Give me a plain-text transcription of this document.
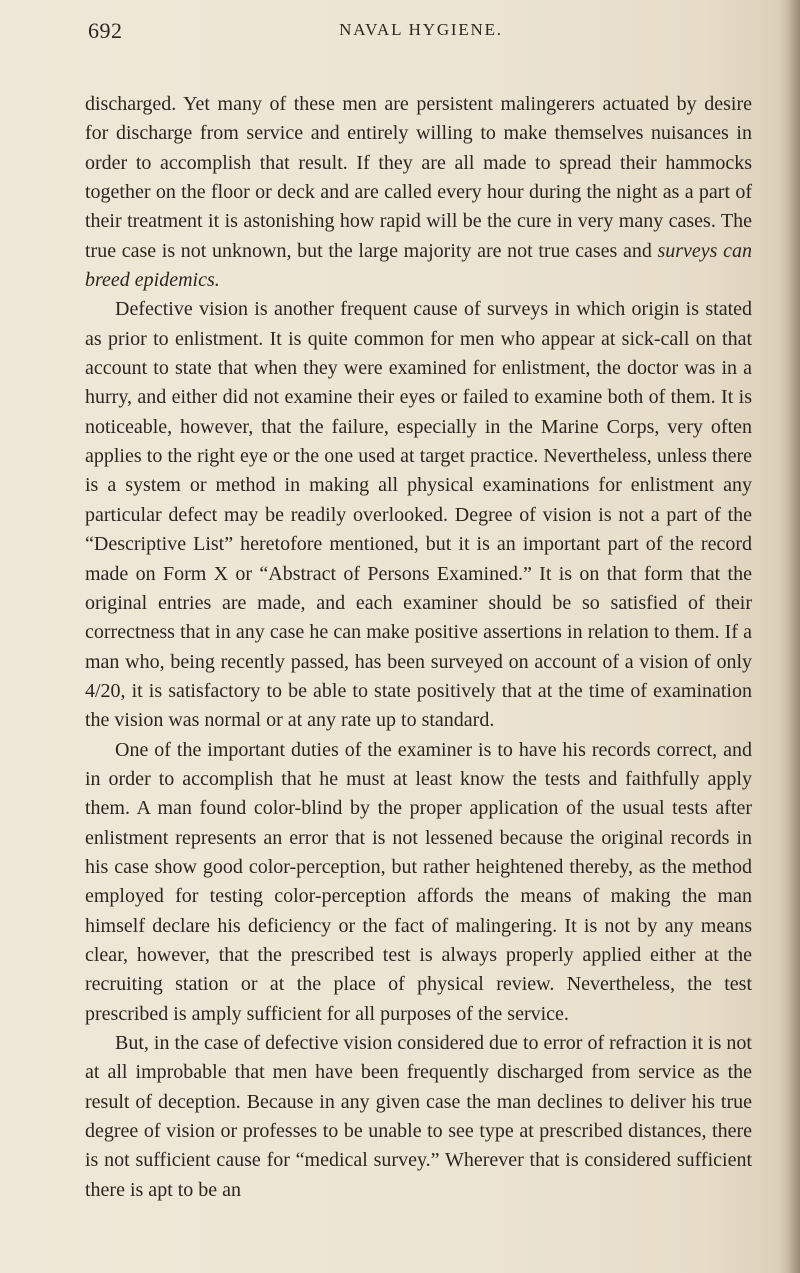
692	NAVAL HYGIENE.

discharged. Yet many of these men are persistent malingerers actuated by desire for discharge from service and entirely willing to make themselves nuisances in order to accomplish that result. If they are all made to spread their hammocks together on the floor or deck and are called every hour during the night as a part of their treatment it is astonishing how rapid will be the cure in very many cases. The true case is not unknown, but the large majority are not true cases and surveys can breed epidemics.

Defective vision is another frequent cause of surveys in which origin is stated as prior to enlistment. It is quite common for men who appear at sick-call on that account to state that when they were examined for enlistment, the doctor was in a hurry, and either did not examine their eyes or failed to examine both of them. It is noticeable, however, that the failure, especially in the Marine Corps, very often applies to the right eye or the one used at target practice. Nevertheless, unless there is a system or method in making all physical examinations for enlistment any particular defect may be readily overlooked. Degree of vision is not a part of the “Descriptive List” heretofore mentioned, but it is an important part of the record made on Form X or “Abstract of Persons Examined.” It is on that form that the original entries are made, and each examiner should be so satisfied of their correctness that in any case he can make positive assertions in relation to them. If a man who, being recently passed, has been surveyed on account of a vision of only 4/20, it is satisfactory to be able to state positively that at the time of examination the vision was normal or at any rate up to standard.

One of the important duties of the examiner is to have his records correct, and in order to accomplish that he must at least know the tests and faithfully apply them. A man found color-blind by the proper application of the usual tests after enlistment represents an error that is not lessened because the original records in his case show good color-perception, but rather heightened thereby, as the method employed for testing color-perception affords the means of making the man himself declare his deficiency or the fact of malingering. It is not by any means clear, however, that the prescribed test is always properly applied either at the recruiting station or at the place of physical review. Nevertheless, the test prescribed is amply sufficient for all purposes of the service.

But, in the case of defective vision considered due to error of refraction it is not at all improbable that men have been frequently discharged from service as the result of deception. Because in any given case the man declines to deliver his true degree of vision or professes to be unable to see type at prescribed distances, there is not sufficient cause for “medical survey.” Wherever that is considered sufficient there is apt to be an
